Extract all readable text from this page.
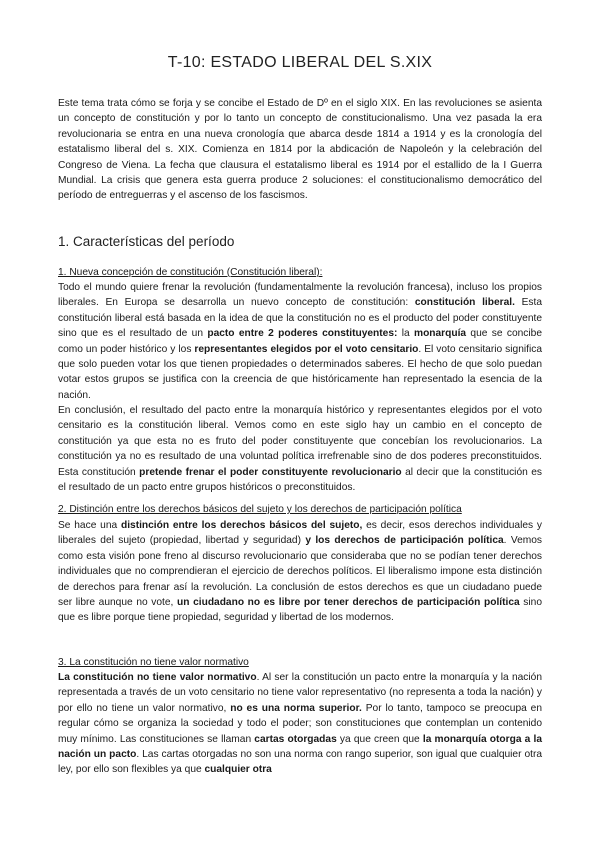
T-10: ESTADO LIBERAL DEL S.XIX

Este tema trata cómo se forja y se concibe el Estado de Dº en el siglo XIX. En las revoluciones se asienta un concepto de constitución y por lo tanto un concepto de constitucionalismo. Una vez pasada la era revolucionaria se entra en una nueva cronología que abarca desde 1814 a 1914 y es la cronología del estatalismo liberal del s. XIX. Comienza en 1814 por la abdicación de Napoleón y la celebración del Congreso de Viena. La fecha que clausura el estatalismo liberal es 1914 por el estallido de la I Guerra Mundial. La crisis que genera esta guerra produce 2 soluciones: el constitucionalismo democrático del período de entreguerras y el ascenso de los fascismos.

1. Características del período
1. Nueva concepción de constitución (Constitución liberal):

Todo el mundo quiere frenar la revolución (fundamentalmente la revolución francesa), incluso los propios liberales. En Europa se desarrolla un nuevo concepto de constitución: constitución liberal. Esta constitución liberal está basada en la idea de que la constitución no es el producto del poder constituyente sino que es el resultado de un pacto entre 2 poderes constituyentes: la monarquía que se concibe como un poder histórico y los representantes elegidos por el voto censitario. El voto censitario significa que solo pueden votar los que tienen propiedades o determinados saberes. El hecho de que solo puedan votar estos grupos se justifica con la creencia de que históricamente han representado la esencia de la nación.

En conclusión, el resultado del pacto entre la monarquía histórico y representantes elegidos por el voto censitario es la constitución liberal. Vemos como en este siglo hay un cambio en el concepto de constitución ya que esta no es fruto del poder constituyente que concebían los revolucionarios. La constitución ya no es resultado de una voluntad política irrefrenable sino de dos poderes preconstituidos. Esta constitución pretende frenar el poder constituyente revolucionario al decir que la constitución es el resultado de un pacto entre grupos históricos o preconstituidos.

2. Distinción entre los derechos básicos del sujeto y los derechos de participación política

Se hace una distinción entre los derechos básicos del sujeto, es decir, esos derechos individuales y liberales del sujeto (propiedad, libertad y seguridad) y los derechos de participación política. Vemos como esta visión pone freno al discurso revolucionario que consideraba que no se podían tener derechos individuales que no comprendieran el ejercicio de derechos políticos. El liberalismo impone esta distinción de derechos para frenar así la revolución. La conclusión de estos derechos es que un ciudadano puede ser libre aunque no vote, un ciudadano no es libre por tener derechos de participación política sino que es libre porque tiene propiedad, seguridad y libertad de los modernos.

3. La constitución no tiene valor normativo

La constitución no tiene valor normativo. Al ser la constitución un pacto entre la monarquía y la nación representada a través de un voto censitario no tiene valor representativo (no representa a toda la nación) y por ello no tiene un valor normativo, no es una norma superior. Por lo tanto, tampoco se preocupa en regular cómo se organiza la sociedad y todo el poder; son constituciones que contemplan un contenido muy mínimo. Las constituciones se llaman cartas otorgadas ya que creen que la monarquía otorga a la nación un pacto. Las cartas otorgadas no son una norma con rango superior, son igual que cualquier otra ley, por ello son flexibles ya que cualquier otra
